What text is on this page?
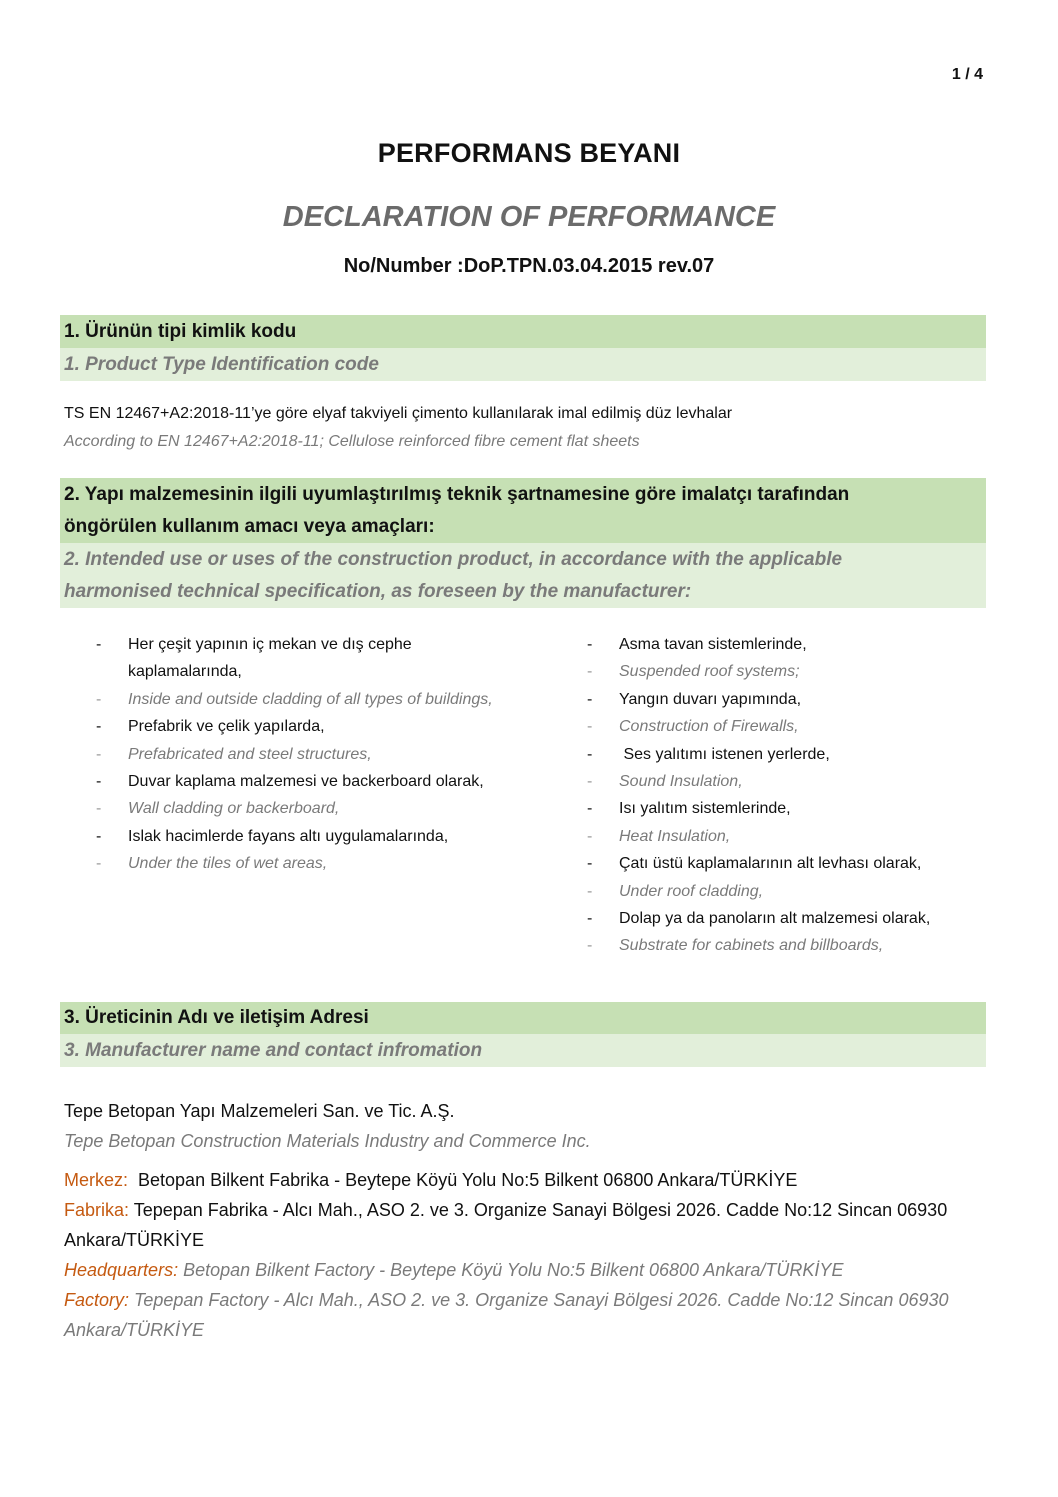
1 / 4
PERFORMANS BEYANI
DECLARATION OF PERFORMANCE
No/Number :DoP.TPN.03.04.2015 rev.07
1. Ürünün tipi kimlik kodu
1. Product Type Identification code
TS EN 12467+A2:2018-11’ye göre elyaf takviyeli çimento kullanılarak imal edilmiş düz levhalar
According to EN 12467+A2:2018-11; Cellulose reinforced fibre cement flat sheets
2. Yapı malzemesinin ilgili uyumlaştırılmış teknik şartnamesine göre imalatçı tarafından
öngörülen kullanım amacı veya amaçları:
2. Intended use or uses of the construction product, in accordance with the applicable
harmonised technical specification, as foreseen by the manufacturer:
- Her çeşit yapının iç mekan ve dış cephe kaplamalarında,
- Inside and outside cladding of all types of buildings,
- Prefabrik ve çelik yapılarda,
- Prefabricated and steel structures,
- Duvar kaplama malzemesi ve backerboard olarak,
- Wall cladding or backerboard,
- Islak hacimlerde fayans altı uygulamalarında,
- Under the tiles of wet areas,
- Asma tavan sistemlerinde,
- Suspended roof systems;
- Yangın duvarı yapımında,
- Construction of Firewalls,
- Ses yalıtımı istenen yerlerde,
- Sound Insulation,
- Isı yalıtım sistemlerinde,
- Heat Insulation,
- Çatı üstü kaplamalarının alt levhası olarak,
- Under roof cladding,
- Dolap ya da panoların alt malzemesi olarak,
- Substrate for cabinets and billboards,
3. Üreticinin Adı ve iletişim Adresi
3. Manufacturer name and contact infromation
Tepe Betopan Yapı Malzemeleri San. ve Tic. A.Ş.
Tepe Betopan Construction Materials Industry and Commerce Inc.
Merkez:  Betopan Bilkent Fabrika - Beytepe Köyü Yolu No:5 Bilkent 06800 Ankara/TÜRKİYE
Fabrika: Tepepan Fabrika - Alcı Mah., ASO 2. ve 3. Organize Sanayi Bölgesi 2026. Cadde No:12 Sincan 06930 Ankara/TÜRKİYE
Headquarters: Betopan Bilkent Factory - Beytepe Köyü Yolu No:5 Bilkent 06800 Ankara/TÜRKİYE
Factory: Tepepan Factory - Alcı Mah., ASO 2. ve 3. Organize Sanayi Bölgesi 2026. Cadde No:12 Sincan 06930 Ankara/TÜRKİYE
